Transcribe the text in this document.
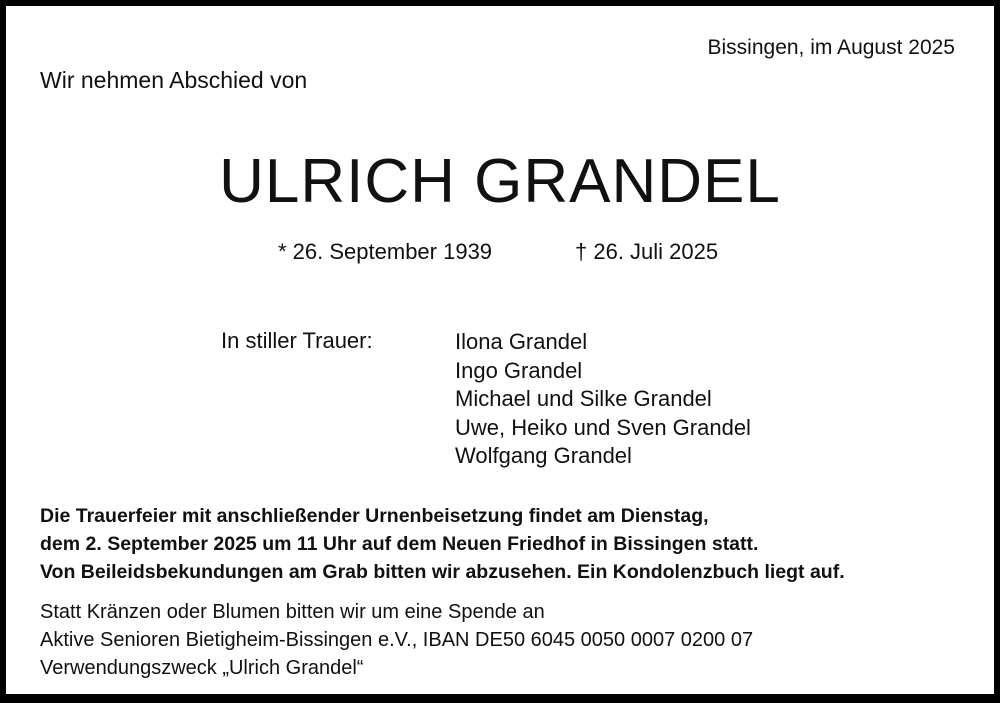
Bissingen, im August 2025
Wir nehmen Abschied von
ULRICH GRANDEL
* 26. September 1939	† 26. Juli 2025
In stiller Trauer:	Ilona Grandel
Ingo Grandel
Michael und Silke Grandel
Uwe, Heiko und Sven Grandel
Wolfgang Grandel
Die Trauerfeier mit anschließender Urnenbeisetzung findet am Dienstag,
dem 2. September 2025 um 11 Uhr auf dem Neuen Friedhof in Bissingen statt.
Von Beileidsbekundungen am Grab bitten wir abzusehen. Ein Kondolenzbuch liegt auf.
Statt Kränzen oder Blumen bitten wir um eine Spende an
Aktive Senioren Bietigheim-Bissingen e.V., IBAN DE50 6045 0050 0007 0200 07
Verwendungszweck „Ulrich Grandel“
